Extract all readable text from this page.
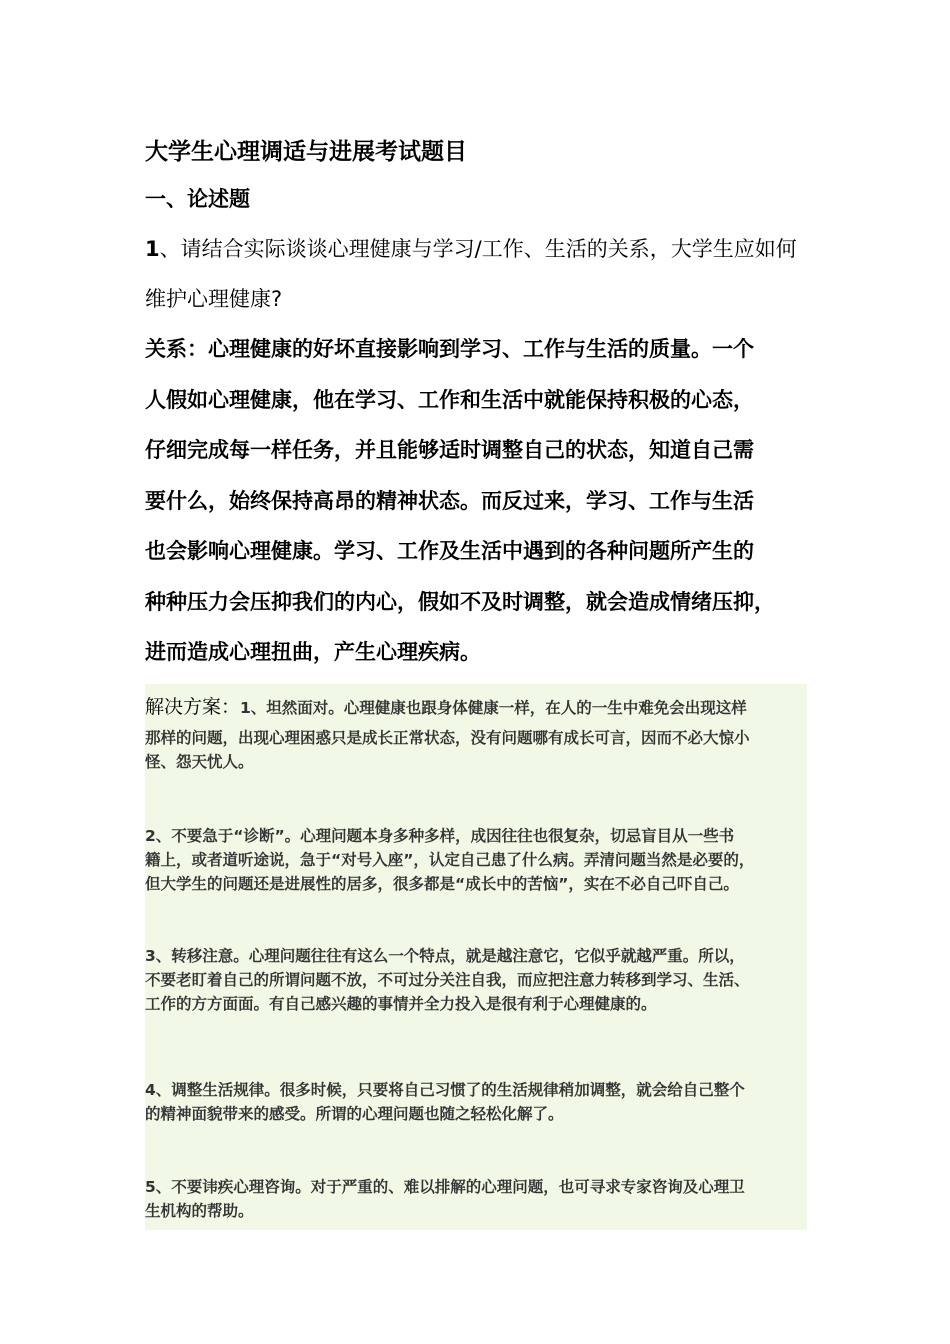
大学生心理调适与进展考试题目
一、论述题

1、请结合实际谈谈心理健康与学习/工作、生活的关系，大学生应如何维护心理健康?

关系：心理健康的好坏直接影响到学习、工作与生活的质量。一个
人假如心理健康，他在学习、工作和生活中就能保持积极的心态，
仔细完成每一样任务，并且能够适时调整自己的状态，知道自己需
要什么，始终保持高昂的精神状态。而反过来，学习、工作与生活
也会影响心理健康。学习、工作及生活中遇到的各种问题所产生的
种种压力会压抑我们的内心，假如不及时调整，就会造成情绪压抑，
进而造成心理扭曲，产生心理疾病。
解决方案：1、坦然面对。心理健康也跟身体健康一样，在人的一生中难免会出现这样
那样的问题，出现心理困惑只是成长正常状态，没有问题哪有成长可言，因而不必大惊小
怪、怨天忧人。
2、不要急于“诊断”。心理问题本身多种多样，成因往往也很复杂，切忌盲目从一些书
籍上，或者道听途说，急于“对号入座”，认定自己患了什么病。弄清问题当然是必要的，
但大学生的问题还是进展性的居多，很多都是“成长中的苦恼”，实在不必自己吓自己。
3、转移注意。心理问题往往有这么一个特点，就是越注意它，它似乎就越严重。所以，
不要老盯着自己的所谓问题不放，不可过分关注自我，而应把注意力转移到学习、生活、
工作的方方面面。有自己感兴趣的事情并全力投入是很有利于心理健康的。
4、调整生活规律。很多时候，只要将自己习惯了的生活规律稍加调整，就会给自己整个
的精神面貌带来的感受。所谓的心理问题也随之轻松化解了。
5、不要讳疾心理咨询。对于严重的、难以排解的心理问题，也可寻求专家咨询及心理卫
生机构的帮助。
